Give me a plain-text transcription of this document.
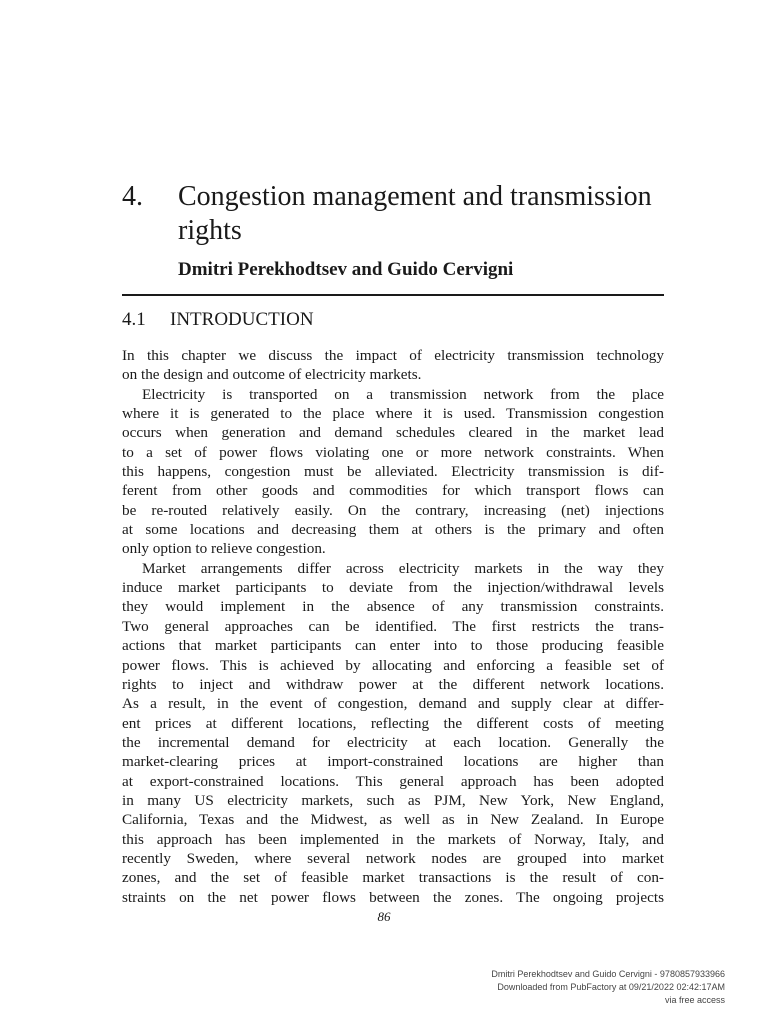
4.	Congestion management and transmission rights
Dmitri Perekhodtsev and Guido Cervigni
4.1	INTRODUCTION
In this chapter we discuss the impact of electricity transmission technology
on the design and outcome of electricity markets.
Electricity is transported on a transmission network from the place
where it is generated to the place where it is used. Transmission congestion
occurs when generation and demand schedules cleared in the market lead
to a set of power flows violating one or more network constraints. When
this happens, congestion must be alleviated. Electricity transmission is dif-
ferent from other goods and commodities for which transport flows can
be re-routed relatively easily. On the contrary, increasing (net) injections
at some locations and decreasing them at others is the primary and often
only option to relieve congestion.
Market arrangements differ across electricity markets in the way they
induce market participants to deviate from the injection/withdrawal levels
they would implement in the absence of any transmission constraints.
Two general approaches can be identified. The first restricts the trans-
actions that market participants can enter into to those producing feasible
power flows. This is achieved by allocating and enforcing a feasible set of
rights to inject and withdraw power at the different network locations.
As a result, in the event of congestion, demand and supply clear at differ-
ent prices at different locations, reflecting the different costs of meeting
the incremental demand for electricity at each location. Generally the
market-clearing prices at import-constrained locations are higher than
at export-constrained locations. This general approach has been adopted
in many US electricity markets, such as PJM, New York, New England,
California, Texas and the Midwest, as well as in New Zealand. In Europe
this approach has been implemented in the markets of Norway, Italy, and
recently Sweden, where several network nodes are grouped into market
zones, and the set of feasible market transactions is the result of con-
straints on the net power flows between the zones. The ongoing projects
86
Dmitri Perekhodtsev and Guido Cervigni - 9780857933966
Downloaded from PubFactory at 09/21/2022 02:42:17AM
via free access
